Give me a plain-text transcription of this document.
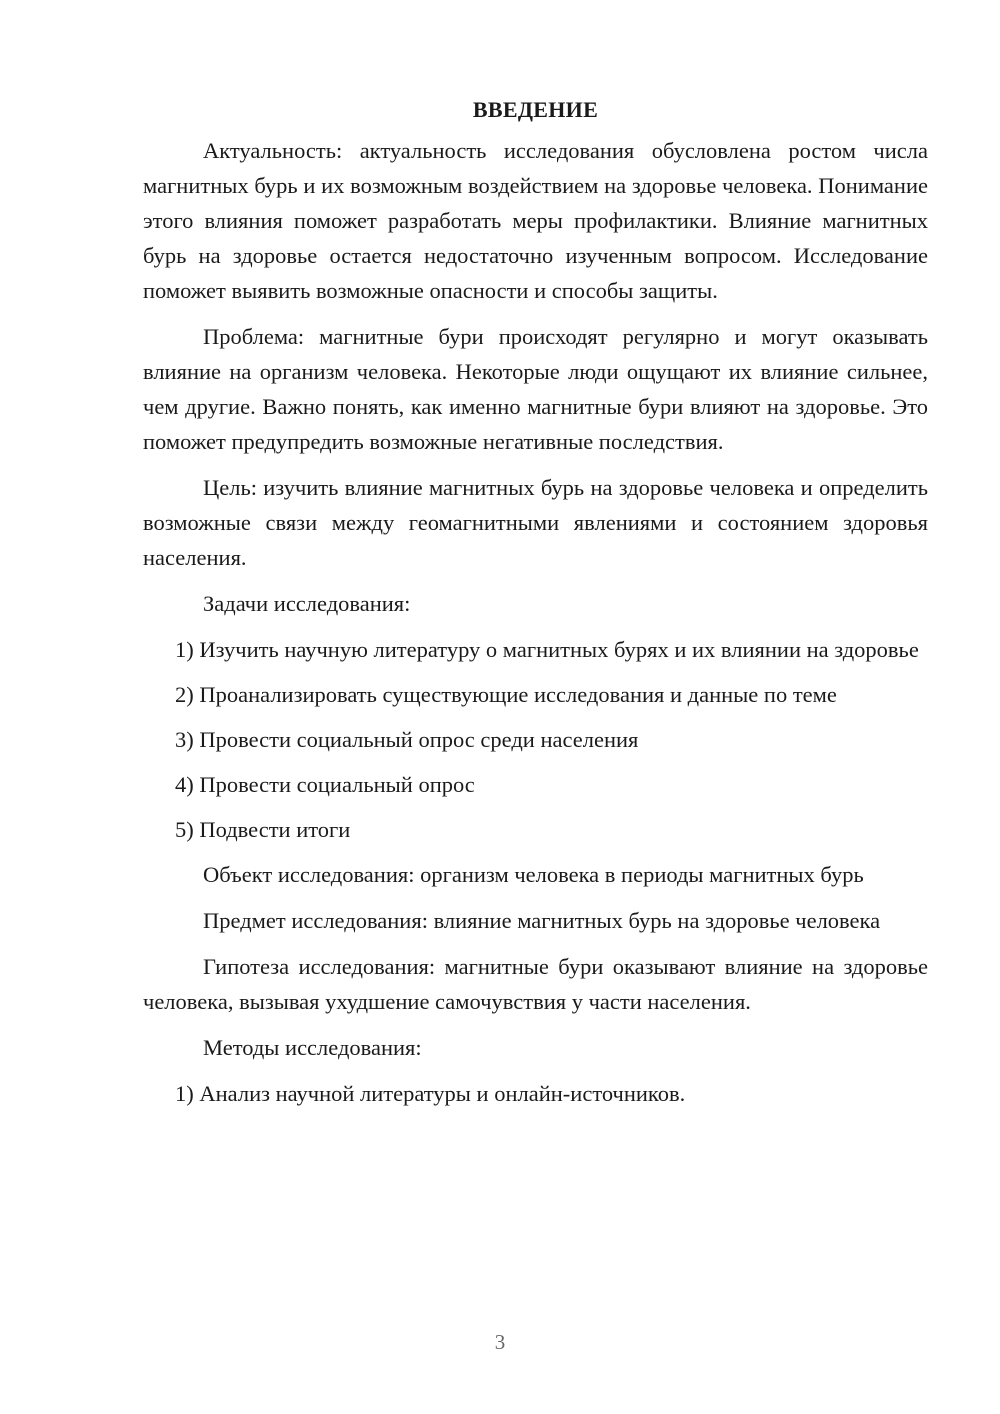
ВВЕДЕНИЕ

Актуальность: актуальность исследования обусловлена ростом числа магнитных бурь и их возможным воздействием на здоровье человека. Понимание этого влияния поможет разработать меры профилактики. Влияние магнитных бурь на здоровье остается недостаточно изученным вопросом. Исследование поможет выявить возможные опасности и способы защиты.

Проблема: магнитные бури происходят регулярно и могут оказывать влияние на организм человека. Некоторые люди ощущают их влияние сильнее, чем другие. Важно понять, как именно магнитные бури влияют на здоровье. Это поможет предупредить возможные негативные последствия.

Цель: изучить влияние магнитных бурь на здоровье человека и определить возможные связи между геомагнитными явлениями и состоянием здоровья населения.

Задачи исследования:

1) Изучить научную литературу о магнитных бурях и их влиянии на здоровье

2) Проанализировать существующие исследования и данные по теме

3) Провести социальный опрос среди населения

4) Провести социальный опрос

5) Подвести итоги

Объект исследования: организм человека в периоды магнитных бурь

Предмет исследования: влияние магнитных бурь на здоровье человека

Гипотеза исследования: магнитные бури оказывают влияние на здоровье человека, вызывая ухудшение самочувствия у части населения.

Методы исследования:

1) Анализ научной литературы и онлайн-источников.

3
